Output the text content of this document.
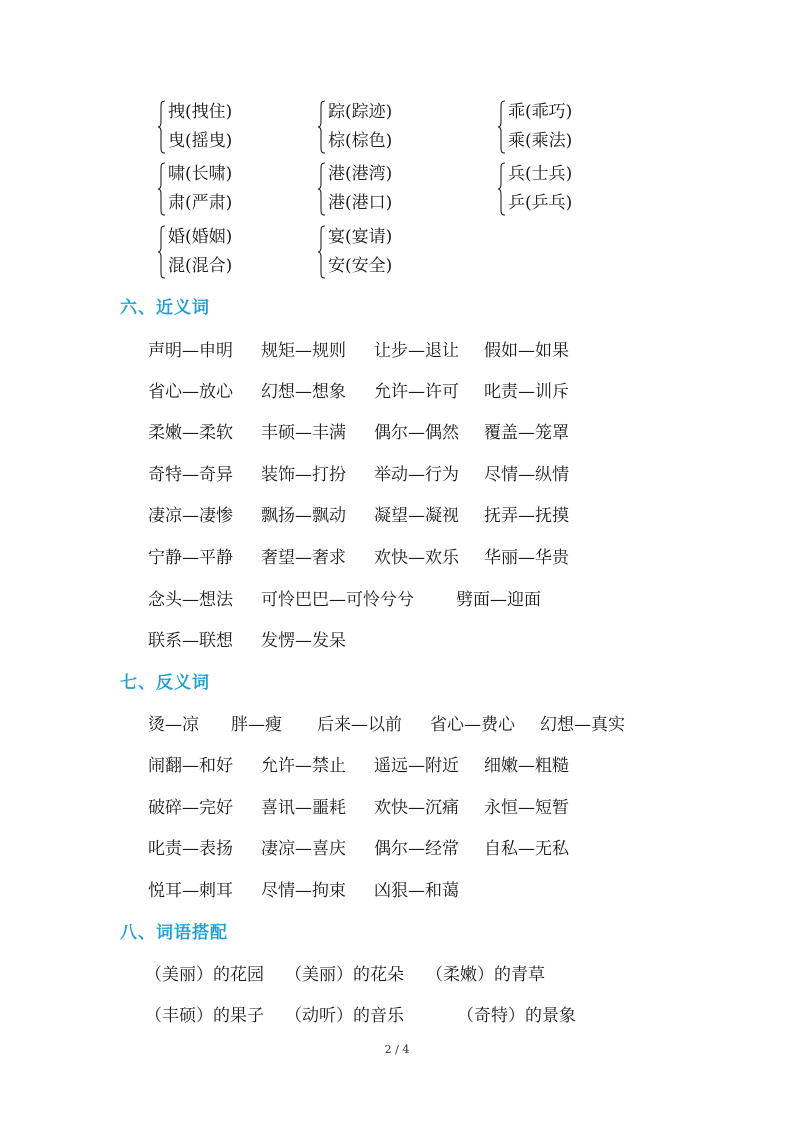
拽(拽住)
曳(摇曳)
踪(踪迹)
棕(棕色)
乖(乖巧)
乘(乘法)
啸(长啸)
肃(严肃)
港(港湾)
港(港口)
兵(士兵)
乒(乒乓)
婚(婚姻)
混(混合)
宴(宴请)
安(安全)
六、近义词
声明—申明 规矩—规则 让步—退让 假如—如果
省心—放心 幻想—想象 允许—许可 叱责—训斥
柔嫩—柔软 丰硕—丰满 偶尔—偶然 覆盖—笼罩
奇特—奇异 装饰—打扮 举动—行为 尽情—纵情
凄凉—凄惨 飘扬—飘动 凝望—凝视 抚弄—抚摸
宁静—平静 奢望—奢求 欢快—欢乐 华丽—华贵
念头—想法 可怜巴巴—可怜兮兮 劈面—迎面
联系—联想 发愣—发呆
七、反义词
烫—凉 胖—瘦 后来—以前 省心—费心 幻想—真实
闹翻—和好 允许—禁止 遥远—附近 细嫩—粗糙
破碎—完好 喜讯—噩耗 欢快—沉痛 永恒—短暂
叱责—表扬 凄凉—喜庆 偶尔—经常 自私—无私
悦耳—刺耳 尽情—拘束 凶狠—和蔼
八、词语搭配
（美丽）的花园 （美丽）的花朵 （柔嫩）的青草
（丰硕）的果子 （动听）的音乐	（奇特）的景象
2 / 4
